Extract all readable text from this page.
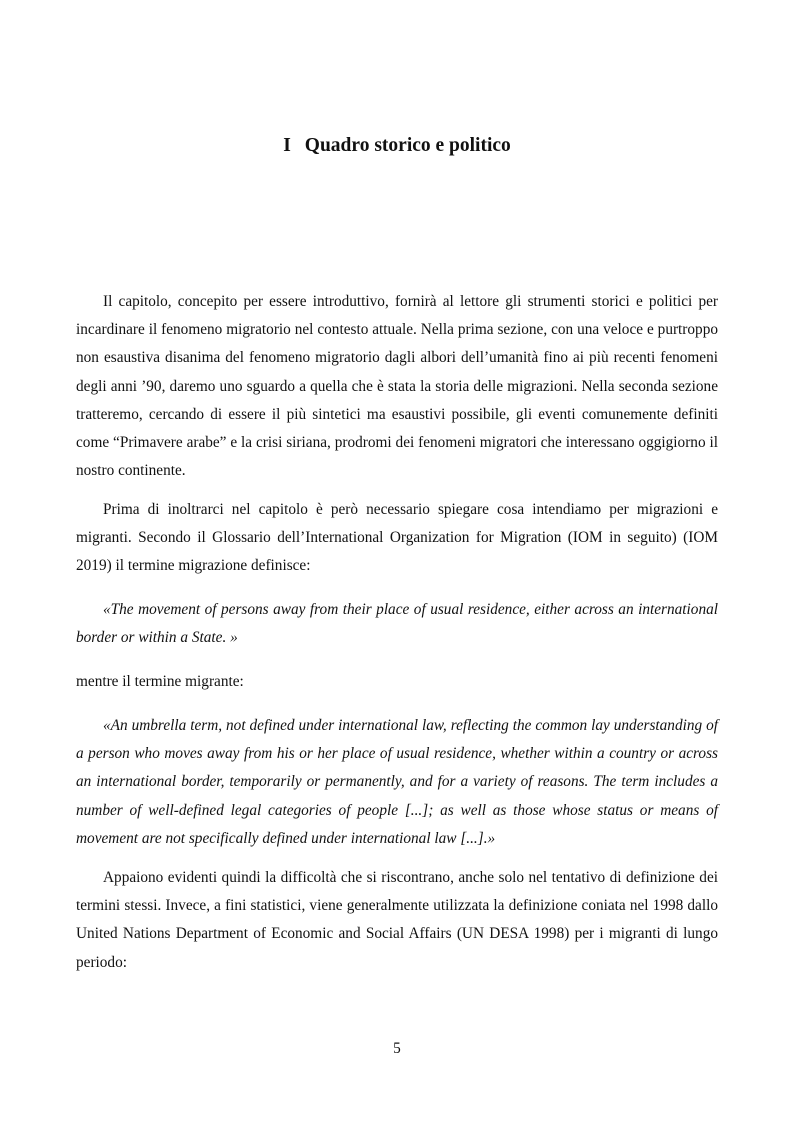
I Quadro storico e politico

Il capitolo, concepito per essere introduttivo, fornirà al lettore gli strumenti storici e politici per incardinare il fenomeno migratorio nel contesto attuale. Nella prima sezione, con una veloce e purtroppo non esaustiva disanima del fenomeno migratorio dagli albori dell’umanità fino ai più recenti fenomeni degli anni ’90, daremo uno sguardo a quella che è stata la storia delle migrazioni. Nella seconda sezione tratteremo, cercando di essere il più sintetici ma esaustivi possibile, gli eventi comunemente definiti come “Primavere arabe” e la crisi siriana, prodromi dei fenomeni migratori che interessano oggigiorno il nostro continente.

Prima di inoltrarci nel capitolo è però necessario spiegare cosa intendiamo per migrazioni e migranti. Secondo il Glossario dell’International Organization for Migration (IOM in seguito) (IOM 2019) il termine migrazione definisce:

«The movement of persons away from their place of usual residence, either across an international border or within a State. »

mentre il termine migrante:

«An umbrella term, not defined under international law, reflecting the common lay understanding of a person who moves away from his or her place of usual residence, whether within a country or across an international border, temporarily or permanently, and for a variety of reasons. The term includes a number of well-defined legal categories of people [...]; as well as those whose status or means of movement are not specifically defined under international law [...].»

Appaiono evidenti quindi la difficoltà che si riscontrano, anche solo nel tentativo di definizione dei termini stessi. Invece, a fini statistici, viene generalmente utilizzata la definizione coniata nel 1998 dallo United Nations Department of Economic and Social Affairs (UN DESA 1998) per i migranti di lungo periodo:

5
